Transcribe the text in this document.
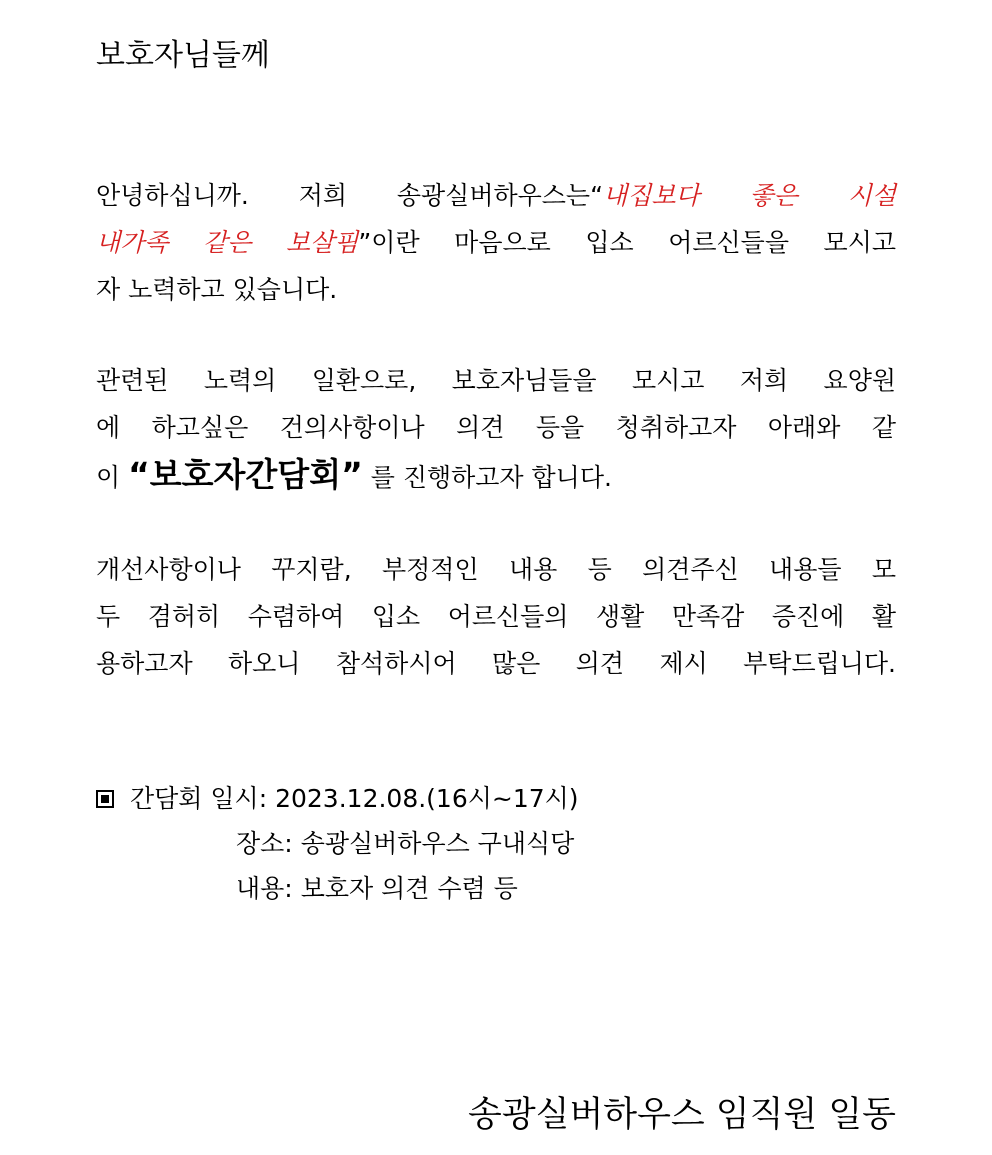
보호자님들께
안녕하십니까. 저희 송광실버하우스는“내집보다 좋은 시설
내가족 같은 보살핌”이란 마음으로 입소 어르신들을 모시고
자 노력하고 있습니다.
관련된 노력의 일환으로, 보호자님들을 모시고 저희 요양원
에 하고싶은 건의사항이나 의견 등을 청취하고자 아래와 같
이 “보호자간담회” 를 진행하고자 합니다.
개선사항이나 꾸지람, 부정적인 내용 등 의견주신 내용들 모
두 겸허히 수렴하여 입소 어르신들의 생활 만족감 증진에 활
용하고자 하오니 참석하시어 많은 의견 제시 부탁드립니다.
간담회 일시: 2023.12.08.(16시~17시)
장소: 송광실버하우스 구내식당
내용: 보호자 의견 수렴 등
송광실버하우스 임직원 일동
